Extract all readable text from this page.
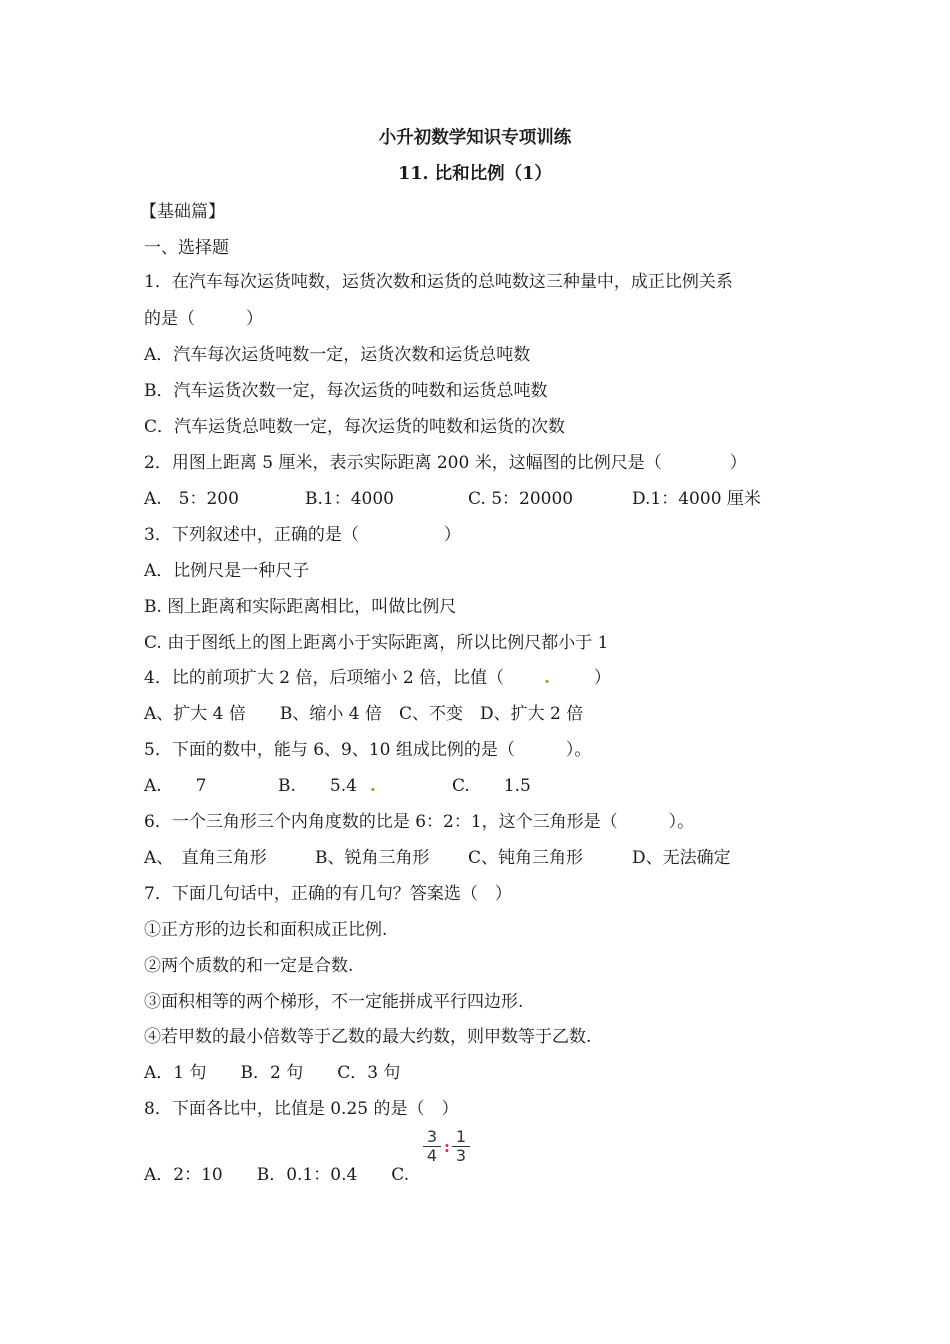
小升初数学知识专项训练
11. 比和比例（1）
【基础篇】
一、选择题
1．在汽车每次运货吨数，运货次数和运货的总吨数这三种量中，成正比例关系
的是（　　　）
A．汽车每次运货吨数一定，运货次数和运货总吨数
B．汽车运货次数一定，每次运货的吨数和运货总吨数
C．汽车运货总吨数一定，每次运货的吨数和运货的次数
2．用图上距离 5 厘米，表示实际距离 200 米，这幅图的比例尺是（　　　　）
A.　5：200	B.1：4000	C. 5：20000	D.1：4000 厘米
3．下列叙述中，正确的是（　　　　　）
A．比例尺是一种尺子
B. 图上距离和实际距离相比，叫做比例尺
C. 由于图纸上的图上距离小于实际距离，所以比例尺都小于 1
4．比的前项扩大 2 倍，后项缩小 2 倍，比值（ .	）
A、扩大 4 倍　　B、缩小 4 倍　C、不变　D、扩大 2 倍
5．下面的数中，能与 6、9、10 组成比例的是（　　　）。
A.　　7	B.　　5.4 .	C.　　1.5
6．一个三角形三个内角度数的比是 6：2：1，这个三角形是（　　　）。
A、　直角三角形	B、锐角三角形 C、钝角三角形	D、无法确定
7．下面几句话中，正确的有几句？答案选（　）
①正方形的边长和面积成正比例.
②两个质数的和一定是合数.
③面积相等的两个梯形，不一定能拼成平行四边形.
④若甲数的最小倍数等于乙数的最大约数，则甲数等于乙数.
A．1 句　　B．2 句　　C．3 句
8．下面各比中，比值是 0.25 的是（　）
A．2：10　　B．0.1：0.4　　C.
3
4 :
1
3
